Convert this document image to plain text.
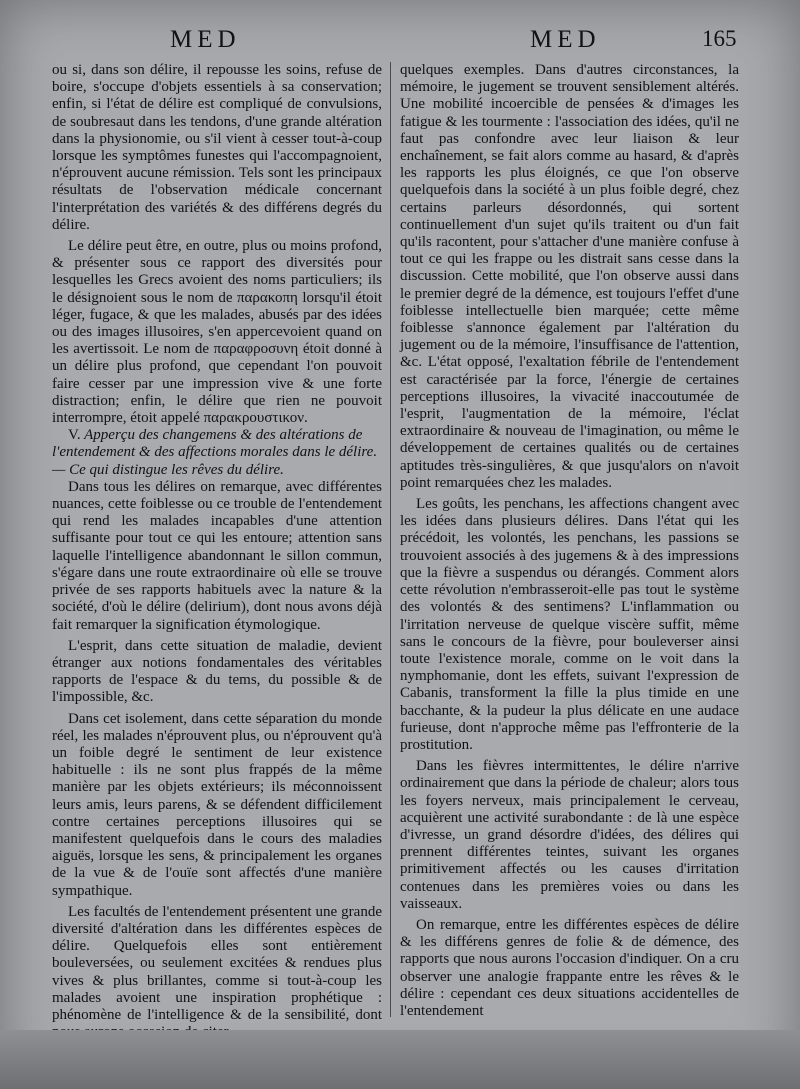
MED	MED	165

ou si, dans son délire, il repousse les soins, refuse de boire, s'occupe d'objets essentiels à sa conservation; enfin, si l'état de délire est compliqué de convulsions, de soubresaut dans les tendons, d'une grande altération dans la physionomie, ou s'il vient à cesser tout-à-coup lorsque les symptômes funestes qui l'accompagnoient, n'éprouvent aucune rémission. Tels sont les principaux résultats de l'observation médicale concernant l'interprétation des variétés & des différens degrés du délire.

Le délire peut être, en outre, plus ou moins profond, & présenter sous ce rapport des diversités pour lesquelles les Grecs avoient des noms particuliers; ils le désignoient sous le nom de παρακοπη lorsqu'il étoit léger, fugace, & que les malades, abusés par des idées ou des images illusoires, s'en appercevoient quand on les avertissoit. Le nom de παραφροσυνη étoit donné à un délire plus profond, que cependant l'on pouvoit faire cesser par une impression vive & une forte distraction; enfin, le délire que rien ne pouvoit interrompre, étoit appelé παρακρουστικον.

V. Apperçu des changemens & des altérations de l'entendement & des affections morales dans le délire. — Ce qui distingue les rêves du délire.

Dans tous les délires on remarque, avec différentes nuances, cette foiblesse ou ce trouble de l'entendement qui rend les malades incapables d'une attention suffisante pour tout ce qui les entoure; attention sans laquelle l'intelligence abandonnant le sillon commun, s'égare dans une route extraordinaire où elle se trouve privée de ses rapports habituels avec la nature & la société, d'où le délire (delirium), dont nous avons déjà fait remarquer la signification étymologique.

L'esprit, dans cette situation de maladie, devient étranger aux notions fondamentales des véritables rapports de l'espace & du tems, du possible & de l'impossible, &c.

Dans cet isolement, dans cette séparation du monde réel, les malades n'éprouvent plus, ou n'éprouvent qu'à un foible degré le sentiment de leur existence habituelle : ils ne sont plus frappés de la même manière par les objets extérieurs; ils méconnoissent leurs amis, leurs parens, & se défendent difficilement contre certaines perceptions illusoires qui se manifestent quelquefois dans le cours des maladies aiguës, lorsque les sens, & principalement les organes de la vue & de l'ouïe sont affectés d'une manière sympathique.

Les facultés de l'entendement présentent une grande diversité d'altération dans les différentes espèces de délire. Quelquefois elles sont entièrement bouleversées, ou seulement excitées & rendues plus vives & plus brillantes, comme si tout-à-coup les malades avoient une inspiration prophétique : phénomène de l'intelligence & de la sensibilité, dont

quelques exemples. Dans d'autres circonstances, la mémoire, le jugement se trouvent sensiblement altérés. Une mobilité incoercible de pensées & d'images les fatigue & les tourmente : l'association des idées, qu'il ne faut pas confondre avec leur liaison & leur enchaînement, se fait alors comme au hasard, & d'après les rapports les plus éloignés, ce que l'on observe quelquefois dans la société à un plus foible degré, chez certains parleurs désordonnés, qui sortent continuellement d'un sujet qu'ils traitent ou d'un fait qu'ils racontent, pour s'attacher d'une manière confuse à tout ce qui les frappe ou les distrait sans cesse dans la discussion. Cette mobilité, que l'on observe aussi dans le premier degré de la démence, est toujours l'effet d'une foiblesse intellectuelle bien marquée; cette même foiblesse s'annonce également par l'altération du jugement ou de la mémoire, l'insuffisance de l'attention, &c. L'état opposé, l'exaltation fébrile de l'entendement est caractérisée par la force, l'énergie de certaines perceptions illusoires, la vivacité inaccoutumée de l'esprit, l'augmentation de la mémoire, l'éclat extraordinaire & nouveau de l'imagination, ou même le développement de certaines qualités ou de certaines aptitudes très-singulières, & que jusqu'alors on n'avoit point remarquées chez les malades.

Les goûts, les penchans, les affections changent avec les idées dans plusieurs délires. Dans l'état qui les précédoit, les volontés, les penchans, les passions se trouvoient associés à des jugemens & à des impressions que la fièvre a suspendus ou dérangés. Comment alors cette révolution n'embrasseroit-elle pas tout le système des volontés & des sentimens? L'inflammation ou l'irritation nerveuse de quelque viscère suffit, même sans le concours de la fièvre, pour bouleverser ainsi toute l'existence morale, comme on le voit dans la nymphomanie, dont les effets, suivant l'expression de Cabanis, transforment la fille la plus timide en une bacchante, & la pudeur la plus délicate en une audace furieuse, dont n'approche même pas l'effronterie de la prostitution.

Dans les fièvres intermittentes, le délire n'arrive ordinairement que dans la période de chaleur; alors tous les foyers nerveux, mais principalement le cerveau, acquièrent une activité surabondante : de là une espèce d'ivresse, un grand désordre d'idées, des délires qui prennent différentes teintes, suivant les organes primitivement affectés ou les causes d'irritation contenues dans les premières voies ou dans les vaisseaux.

On remarque, entre les différentes espèces de délire & les différens genres de folie & de démence, des rapports que nous aurons l'occasion d'indiquer. On a cru observer une analogie frappante entre les rêves & le délire : cependant ces deux situations accidentelles de l'entendement
